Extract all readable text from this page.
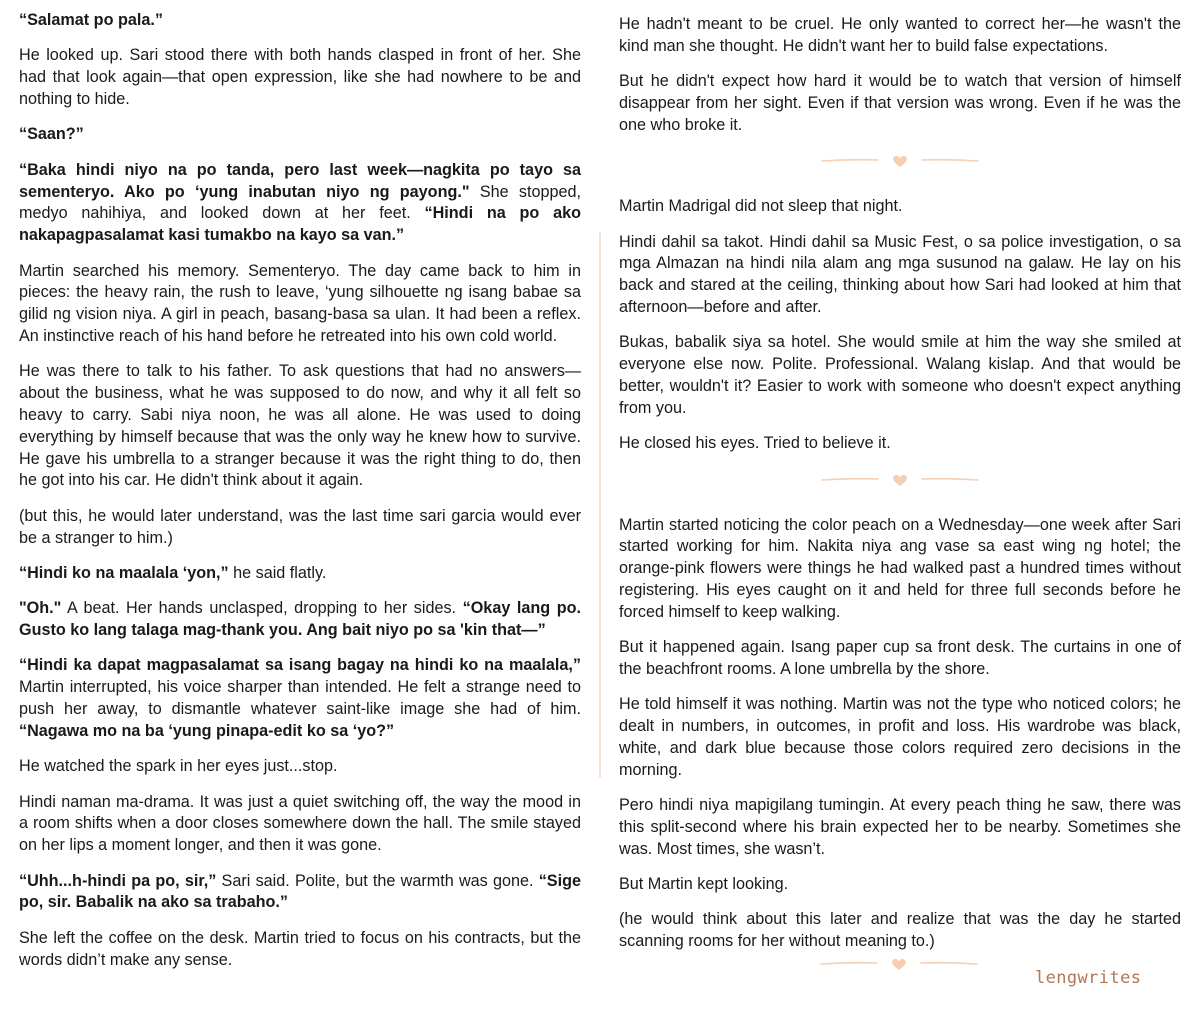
“Salamat po pala.”

He looked up. Sari stood there with both hands clasped in front of her. She had that look again—that open expression, like she had nowhere to be and nothing to hide.

“Saan?”

“Baka hindi niyo na po tanda, pero last week—nagkita po tayo sa sementeryo. Ako po ‘yung inabutan niyo ng payong." She stopped, medyo nahihiya, and looked down at her feet. “Hindi na po ako nakapagpasalamat kasi tumakbo na kayo sa van.”

Martin searched his memory. Sementeryo. The day came back to him in pieces: the heavy rain, the rush to leave, ‘yung silhouette ng isang babae sa gilid ng vision niya. A girl in peach, basang-basa sa ulan. It had been a reflex. An instinctive reach of his hand before he retreated into his own cold world.

He was there to talk to his father. To ask questions that had no answers—about the business, what he was supposed to do now, and why it all felt so heavy to carry. Sabi niya noon, he was all alone. He was used to doing everything by himself because that was the only way he knew how to survive. He gave his umbrella to a stranger because it was the right thing to do, then he got into his car. He didn't think about it again.

(but this, he would later understand, was the last time sari garcia would ever be a stranger to him.)

“Hindi ko na maalala ‘yon,” he said flatly.

"Oh." A beat. Her hands unclasped, dropping to her sides. “Okay lang po. Gusto ko lang talaga mag-thank you. Ang bait niyo po sa 'kin that—”

“Hindi ka dapat magpasalamat sa isang bagay na hindi ko na maalala,” Martin interrupted, his voice sharper than intended. He felt a strange need to push her away, to dismantle whatever saint-like image she had of him. “Nagawa mo na ba ‘yung pinapa-edit ko sa ‘yo?”

He watched the spark in her eyes just...stop.

Hindi naman ma-drama. It was just a quiet switching off, the way the mood in a room shifts when a door closes somewhere down the hall. The smile stayed on her lips a moment longer, and then it was gone.

“Uhh...h-hindi pa po, sir,” Sari said. Polite, but the warmth was gone. “Sige po, sir. Babalik na ako sa trabaho.”

She left the coffee on the desk. Martin tried to focus on his contracts, but the words didn’t make any sense.

He hadn't meant to be cruel. He only wanted to correct her—he wasn't the kind man she thought. He didn't want her to build false expectations.

But he didn't expect how hard it would be to watch that version of himself disappear from her sight. Even if that version was wrong. Even if he was the one who broke it.

Martin Madrigal did not sleep that night.

Hindi dahil sa takot. Hindi dahil sa Music Fest, o sa police investigation, o sa mga Almazan na hindi nila alam ang mga susunod na galaw. He lay on his back and stared at the ceiling, thinking about how Sari had looked at him that afternoon—before and after.

Bukas, babalik siya sa hotel. She would smile at him the way she smiled at everyone else now. Polite. Professional. Walang kislap. And that would be better, wouldn't it? Easier to work with someone who doesn't expect anything from you.

He closed his eyes. Tried to believe it.

Martin started noticing the color peach on a Wednesday—one week after Sari started working for him. Nakita niya ang vase sa east wing ng hotel; the orange-pink flowers were things he had walked past a hundred times without registering. His eyes caught on it and held for three full seconds before he forced himself to keep walking.

But it happened again. Isang paper cup sa front desk. The curtains in one of the beachfront rooms. A lone umbrella by the shore.

He told himself it was nothing. Martin was not the type who noticed colors; he dealt in numbers, in outcomes, in profit and loss. His wardrobe was black, white, and dark blue because those colors required zero decisions in the morning.

Pero hindi niya mapigilang tumingin. At every peach thing he saw, there was this split-second where his brain expected her to be nearby. Sometimes she was. Most times, she wasn’t.

But Martin kept looking.

(he would think about this later and realize that was the day he started scanning rooms for her without meaning to.)

lengwrites
